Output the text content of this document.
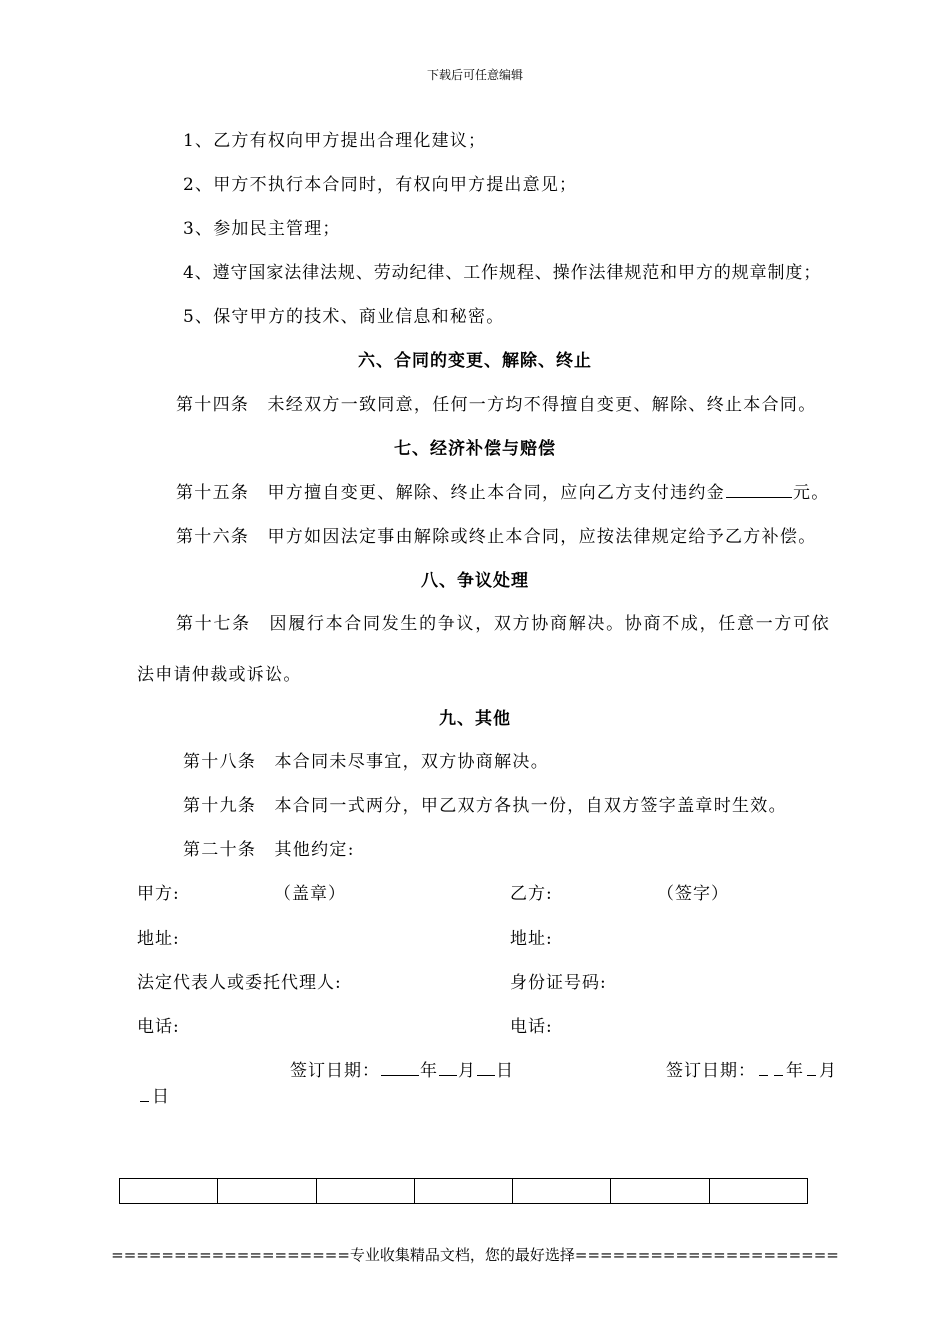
下载后可任意编辑
1、乙方有权向甲方提出合理化建议；
2、甲方不执行本合同时，有权向甲方提出意见；
3、参加民主管理；
4、遵守国家法律法规、劳动纪律、工作规程、操作法律规范和甲方的规章制度；
5、保守甲方的技术、商业信息和秘密。
六、合同的变更、解除、终止
第十四条　未经双方一致同意，任何一方均不得擅自变更、解除、终止本合同。
七、经济补偿与赔偿
第十五条　甲方擅自变更、解除、终止本合同，应向乙方支付违约金	元。
第十六条　甲方如因法定事由解除或终止本合同，应按法律规定给予乙方补偿。
八、争议处理
第十七条　因履行本合同发生的争议，双方协商解决。协商不成，任意一方可依
法申请仲裁或诉讼。
九、其他
第十八条　本合同未尽事宜，双方协商解决。
第十九条　本合同一式两分，甲乙双方各执一份，自双方签字盖章时生效。
第二十条　其他约定:
甲方:	（盖章）	乙方:	（签字）
地址:	地址:
法定代表人或委托代理人:	身份证号码:
电话:	电话:
签订日期： 年 月 日	签订日期： 年 月
日

===================专业收集精品文档，您的最好选择=====================
